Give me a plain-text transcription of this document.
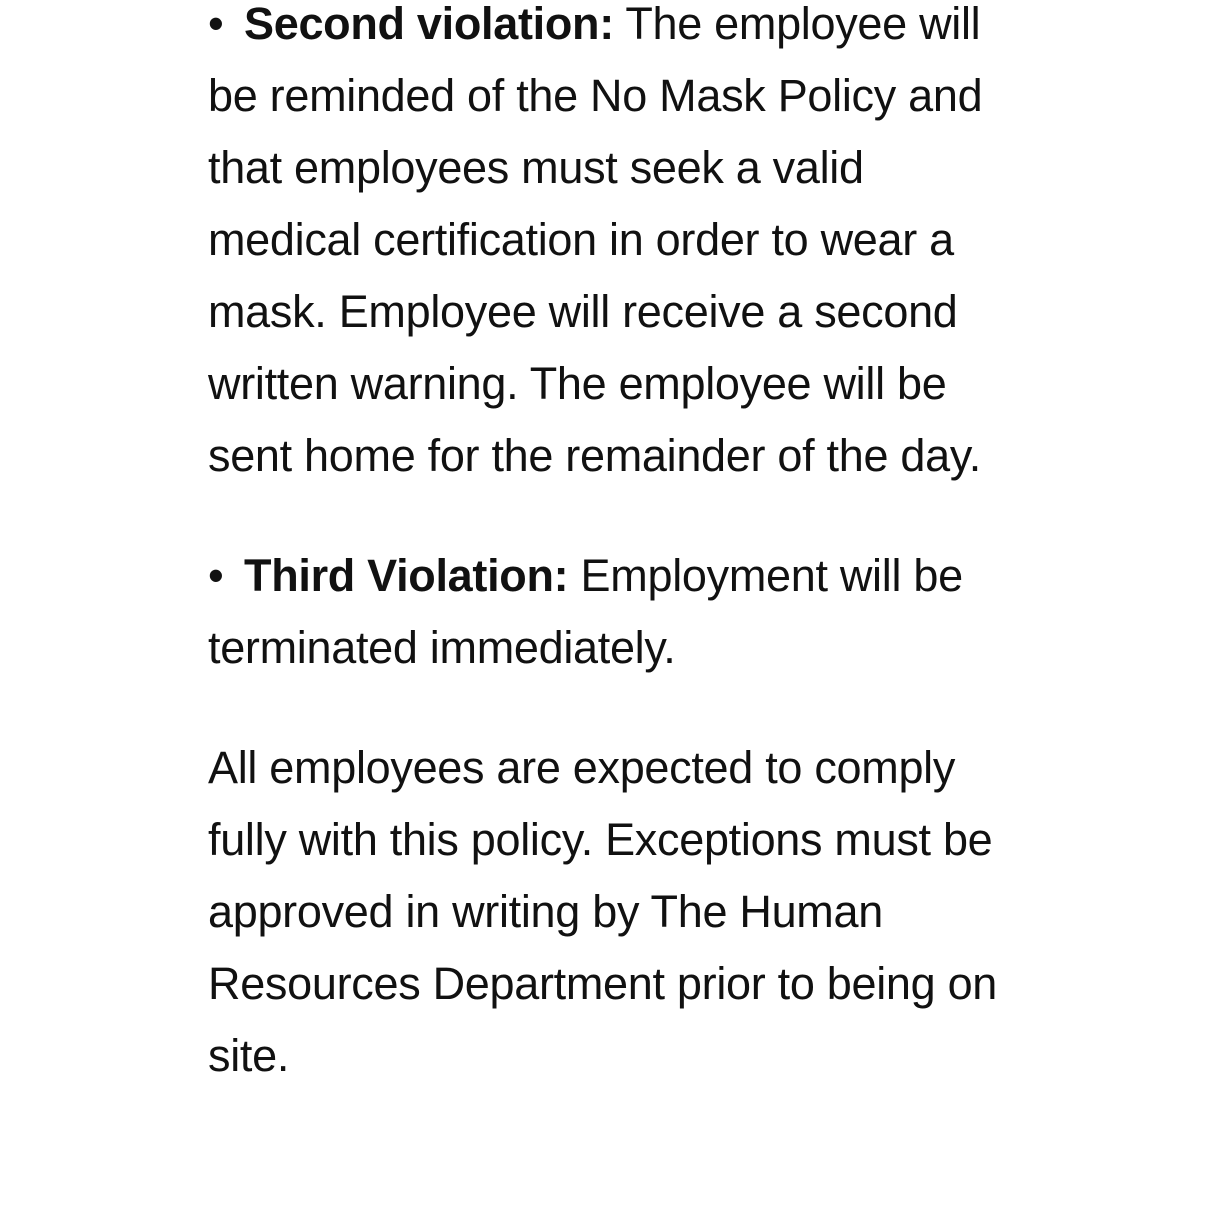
• Second violation: The employee will be reminded of the No Mask Policy and that employees must seek a valid medical certification in order to wear a mask. Employee will receive a second written warning. The employee will be sent home for the remainder of the day.

• Third Violation: Employment will be terminated immediately.

All employees are expected to comply fully with this policy. Exceptions must be approved in writing by The Human Resources Department prior to being on site.
